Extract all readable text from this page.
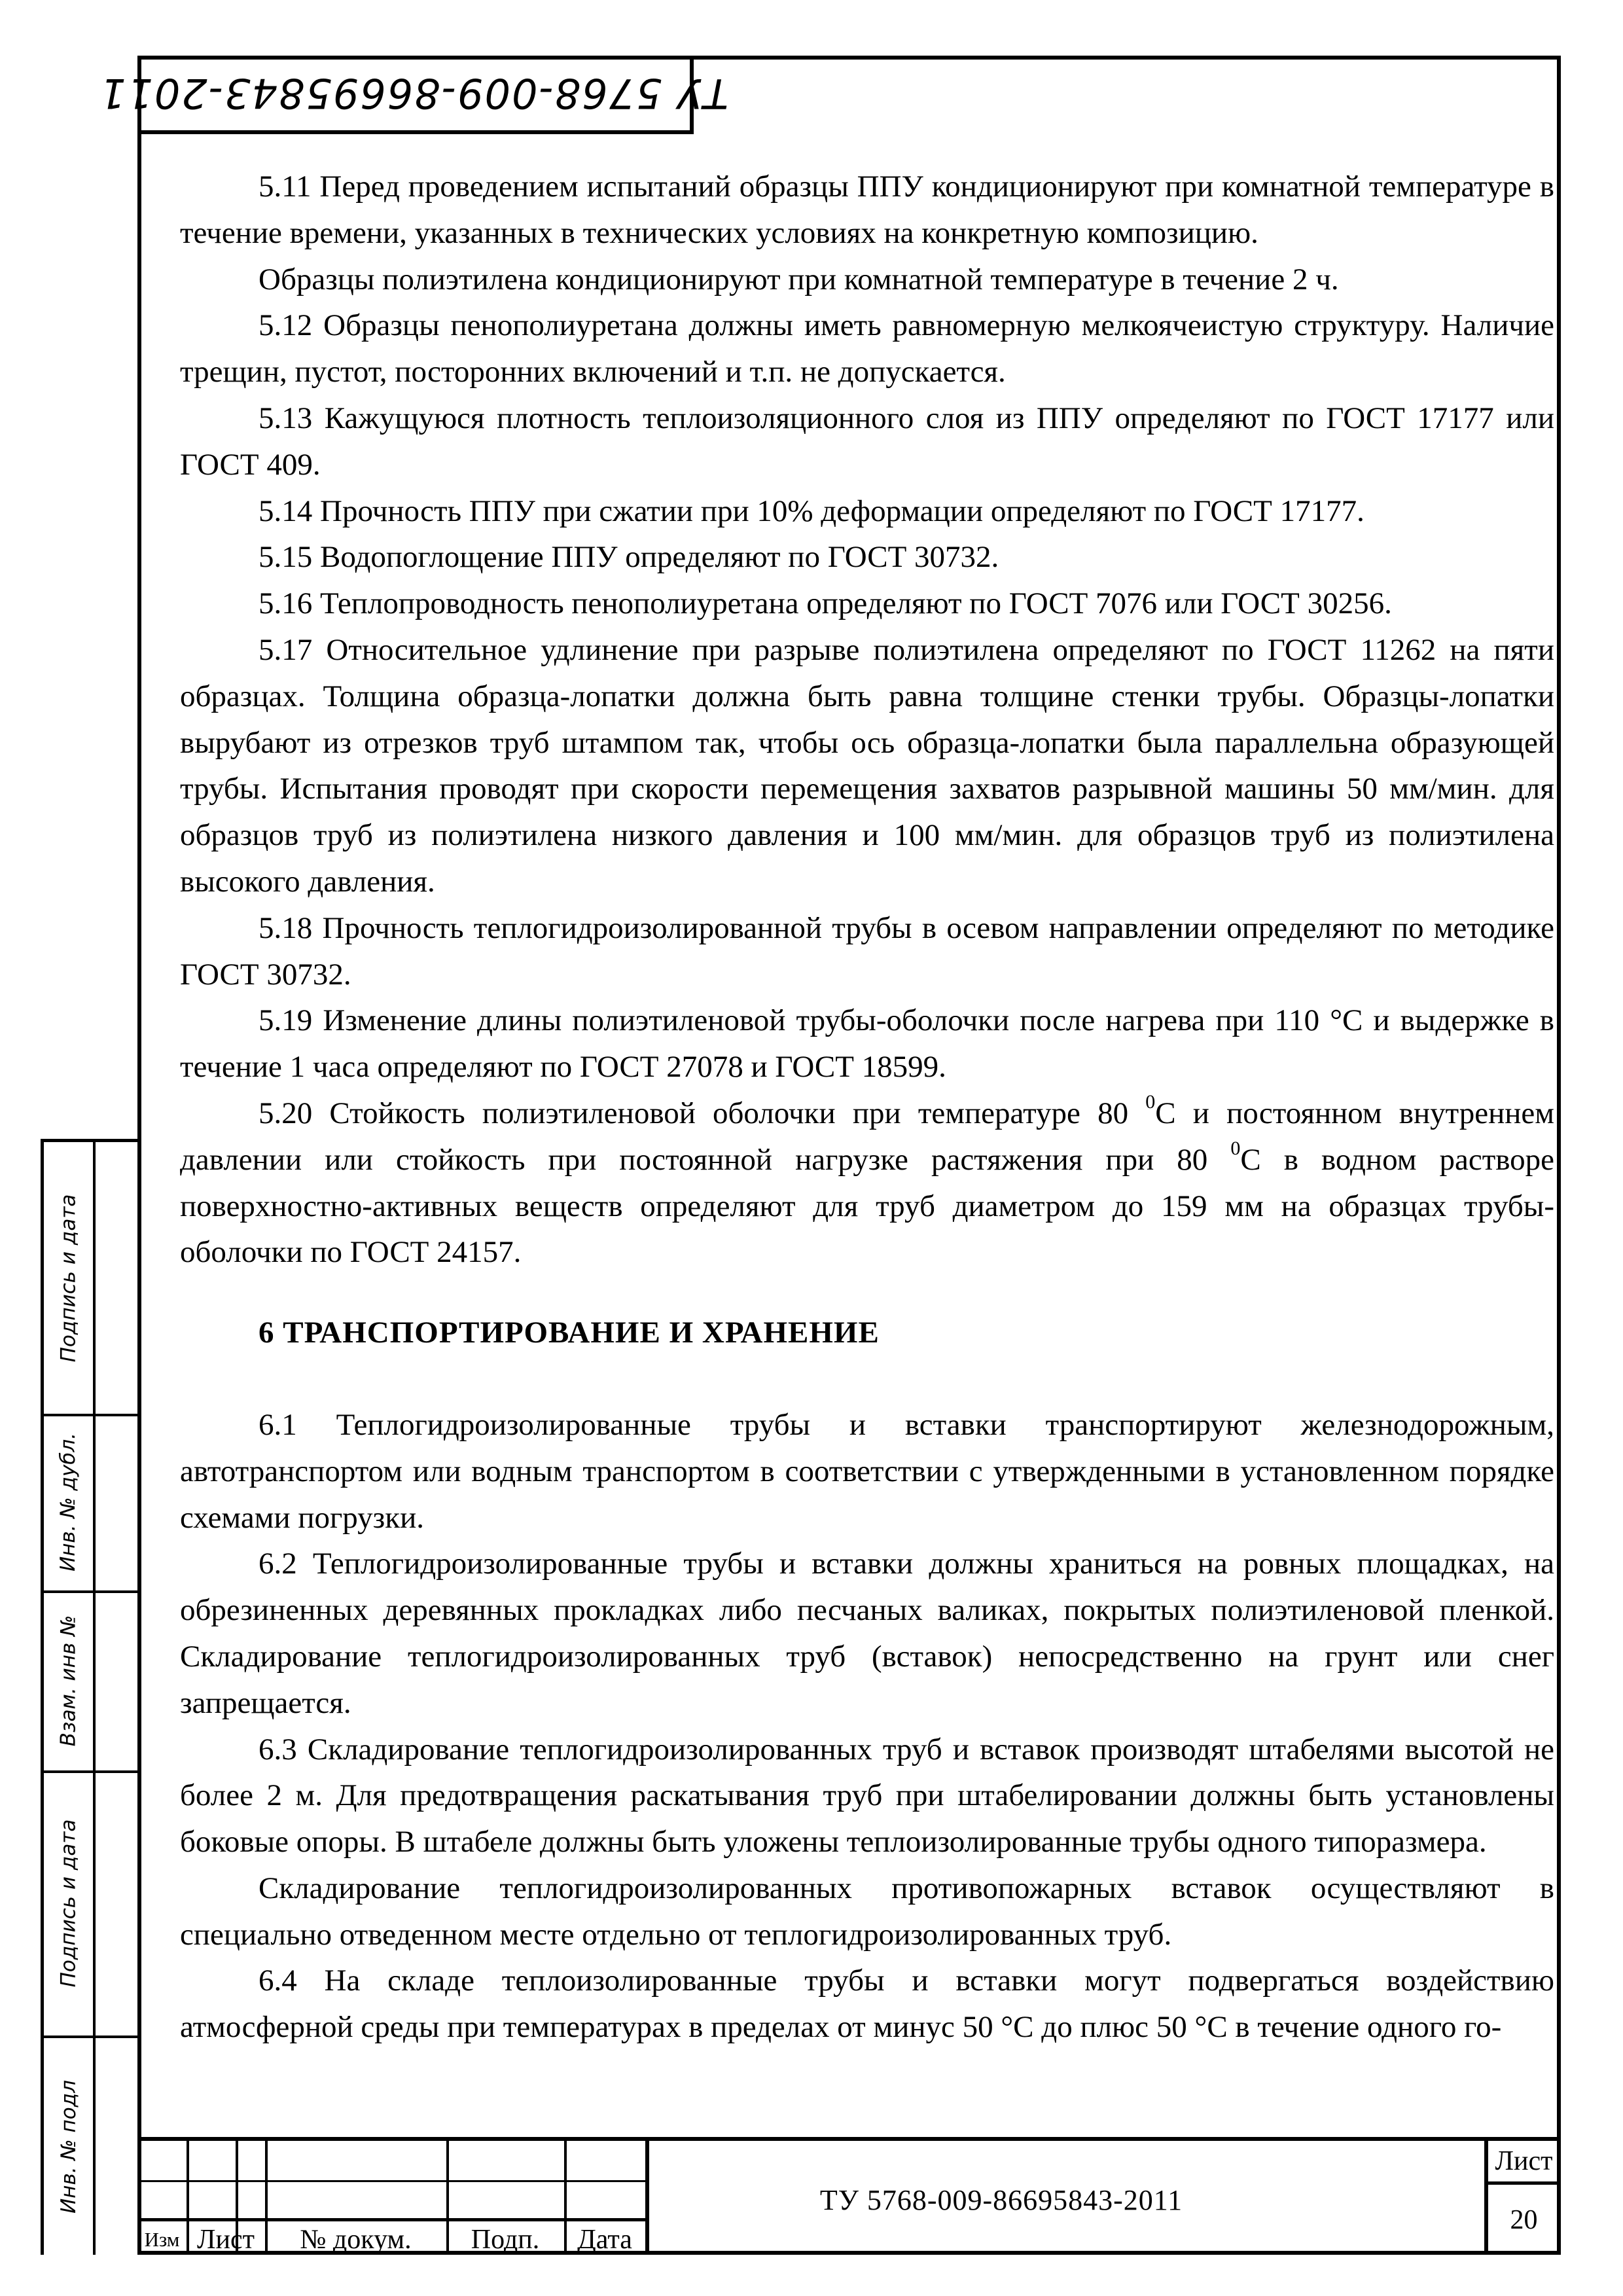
ТУ 5768-009-86695843-2011

5.11 Перед проведением испытаний образцы ППУ кондиционируют при комнатной температуре в течение времени, указанных в технических условиях на конкретную композицию.

Образцы полиэтилена кондиционируют при комнатной температуре в течение 2 ч.

5.12 Образцы пенополиуретана должны иметь равномерную мелкоячеистую структуру. Наличие трещин, пустот, посторонних включений и т.п. не допускается.

5.13 Кажущуюся плотность теплоизоляционного слоя из ППУ определяют по ГОСТ 17177 или ГОСТ 409.

5.14 Прочность ППУ при сжатии при 10% деформации определяют по ГОСТ 17177.

5.15 Водопоглощение ППУ определяют по ГОСТ 30732.

5.16 Теплопроводность пенополиуретана определяют по ГОСТ 7076 или ГОСТ 30256.

5.17 Относительное удлинение при разрыве полиэтилена определяют по ГОСТ 11262 на пяти образцах. Толщина образца-лопатки должна быть равна толщине стенки трубы. Образцы-лопатки вырубают из отрезков труб штампом так, чтобы ось образца-лопатки была параллельна образующей трубы. Испытания проводят при скорости перемещения захватов разрывной машины 50 мм/мин. для образцов труб из полиэтилена низкого давления и 100 мм/мин. для образцов труб из полиэтилена высокого давления.

5.18 Прочность теплогидроизолированной трубы в осевом направлении определяют по методике ГОСТ 30732.

5.19 Изменение длины полиэтиленовой трубы-оболочки после нагрева при 110 °С и выдержке в течение 1 часа определяют по ГОСТ 27078 и ГОСТ 18599.

5.20 Стойкость полиэтиленовой оболочки при температуре 80 $^0$С и постоянном внутреннем давлении или стойкость при постоянной нагрузке растяжения при 80 $^0$С в водном растворе поверхностно-активных веществ определяют для труб диаметром до 159 мм на образцах трубы-оболочки по ГОСТ 24157.

6 ТРАНСПОРТИРОВАНИЕ И ХРАНЕНИЕ

6.1 Теплогидроизолированные трубы и вставки транспортируют железнодорожным, автотранспортом или водным транспортом в соответствии с утвержденными в установленном порядке схемами погрузки.

6.2 Теплогидроизолированные трубы и вставки должны храниться на ровных площадках, на обрезиненных деревянных прокладках либо песчаных валиках, покрытых полиэтиленовой пленкой. Складирование теплогидроизолированных труб (вставок) непосредственно на грунт или снег запрещается.

6.3 Складирование теплогидроизолированных труб и вставок производят штабелями высотой не более 2 м. Для предотвращения раскатывания труб при штабелировании должны быть установлены боковые опоры. В штабеле должны быть уложены теплоизолированные трубы одного типоразмера.

Складирование теплогидроизолированных противопожарных вставок осуществляют в специально отведенном месте отдельно от теплогидроизолированных труб.

6.4 На складе теплоизолированные трубы и вставки могут подвергаться воздействию атмосферной среды при температурах в пределах от минус 50 °С до плюс 50 °С в течение одного го-

Подпись и дата
Инв. № дубл.
Взам. инв №
Подпись и дата
Инв. № подл
Изм Лист	№ докум.	Подп.	Дата
ТУ 5768-009-86695843-2011
Лист
20
